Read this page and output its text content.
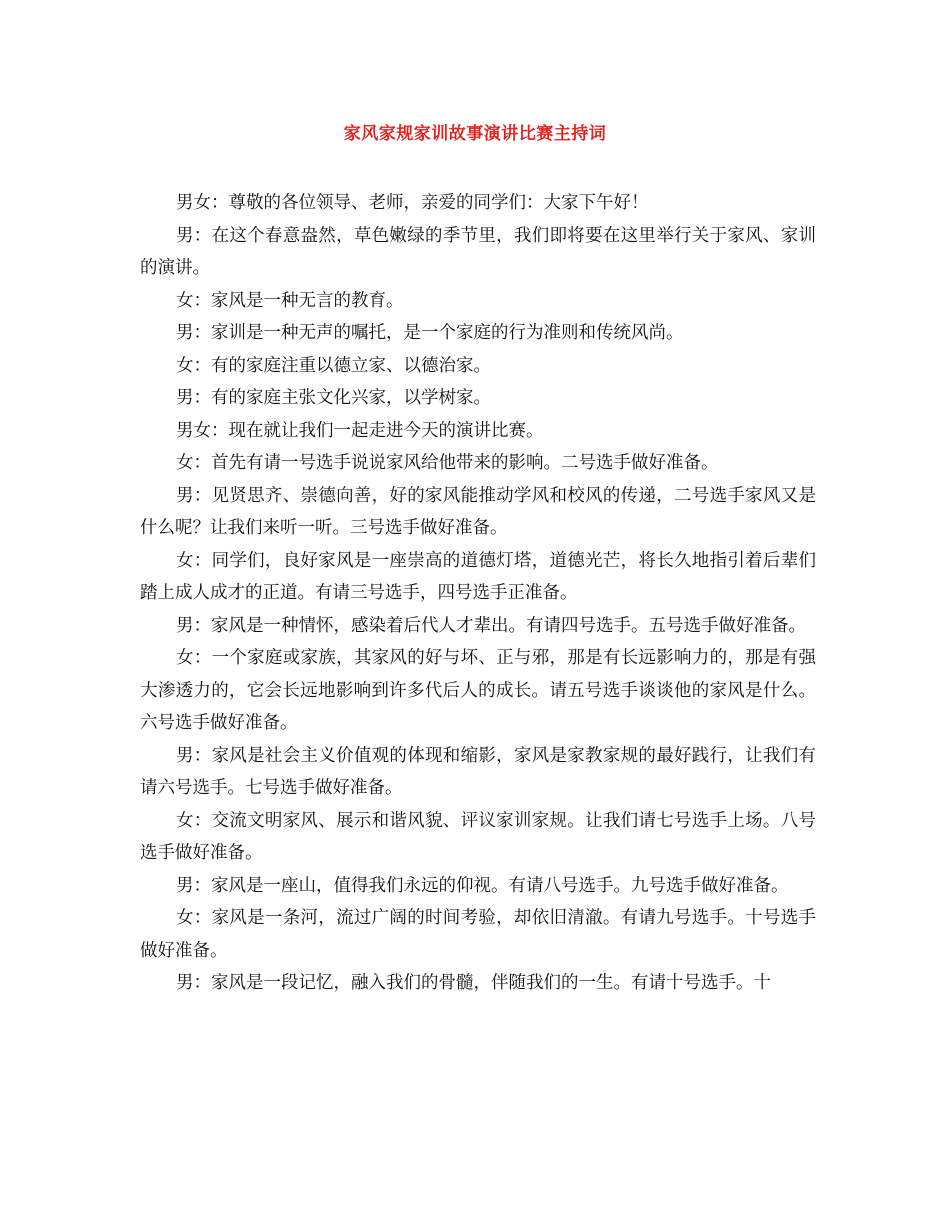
家风家规家训故事演讲比赛主持词

男女：尊敬的各位领导、老师，亲爱的同学们：大家下午好！

男：在这个春意盎然，草色嫩绿的季节里，我们即将要在这里举行关于家风、家训的演讲。

女：家风是一种无言的教育。

男：家训是一种无声的嘱托，是一个家庭的行为准则和传统风尚。

女：有的家庭注重以德立家、以德治家。

男：有的家庭主张文化兴家，以学树家。

男女：现在就让我们一起走进今天的演讲比赛。

女：首先有请一号选手说说家风给他带来的影响。二号选手做好准备。

男：见贤思齐、崇德向善，好的家风能推动学风和校风的传递，二号选手家风又是什么呢？让我们来听一听。三号选手做好准备。

女：同学们，良好家风是一座崇高的道德灯塔，道德光芒，将长久地指引着后辈们踏上成人成才的正道。有请三号选手，四号选手正准备。

男：家风是一种情怀，感染着后代人才辈出。有请四号选手。五号选手做好准备。

女：一个家庭或家族，其家风的好与坏、正与邪，那是有长远影响力的，那是有强大渗透力的，它会长远地影响到许多代后人的成长。请五号选手谈谈他的家风是什么。六号选手做好准备。

男：家风是社会主义价值观的体现和缩影，家风是家教家规的最好践行，让我们有请六号选手。七号选手做好准备。

女：交流文明家风、展示和谐风貌、评议家训家规。让我们请七号选手上场。八号选手做好准备。

男：家风是一座山，值得我们永远的仰视。有请八号选手。九号选手做好准备。

女：家风是一条河，流过广阔的时间考验，却依旧清澈。有请九号选手。十号选手做好准备。

男：家风是一段记忆，融入我们的骨髓，伴随我们的一生。有请十号选手。十
